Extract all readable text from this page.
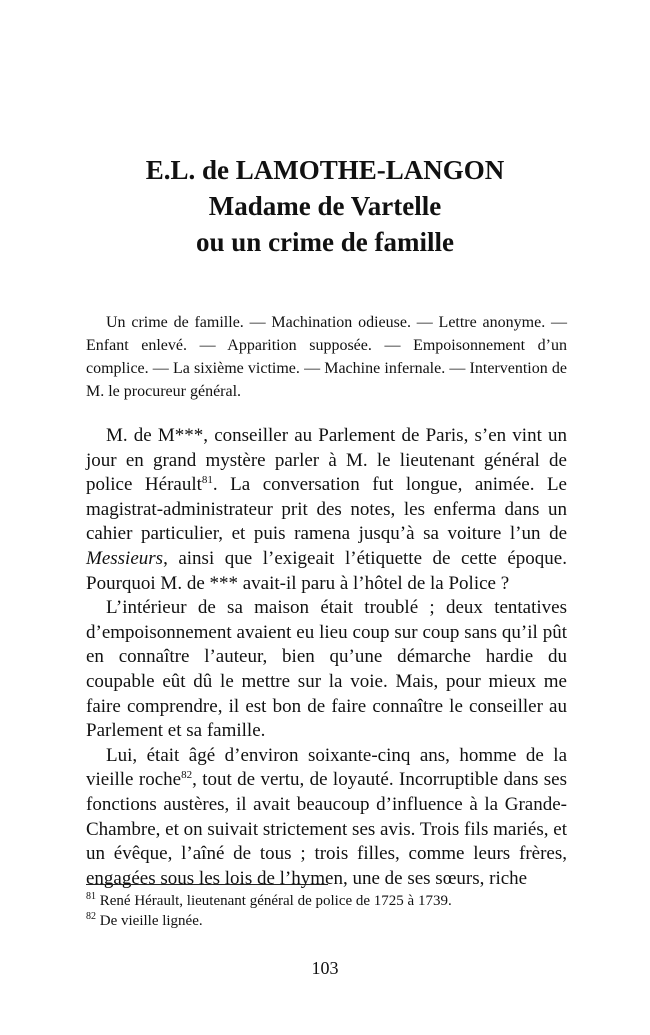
E.L. de LAMOTHE-LANGON
Madame de Vartelle
ou un crime de famille
Un crime de famille. — Machination odieuse. — Lettre anonyme. — Enfant enlevé. — Apparition supposée. — Empoisonnement d’un complice. — La sixième victime. — Machine infernale. — Intervention de M. le procureur général.

M. de M***, conseiller au Parlement de Paris, s’en vint un jour en grand mystère parler à M. le lieutenant général de police Hérault$^{81}$. La conversation fut longue, animée. Le magistrat-administrateur prit des notes, les enferma dans un cahier particulier, et puis ramena jusqu’à sa voiture l’un de Messieurs, ainsi que l’exigeait l’étiquette de cette époque. Pourquoi M. de *** avait-il paru à l’hôtel de la Police ?

L’intérieur de sa maison était troublé ; deux tentatives d’empoisonnement avaient eu lieu coup sur coup sans qu’il pût en connaître l’auteur, bien qu’une démarche hardie du coupable eût dû le mettre sur la voie. Mais, pour mieux me faire comprendre, il est bon de faire connaître le conseiller au Parlement et sa famille.

Lui, était âgé d’environ soixante-cinq ans, homme de la vieille roche$^{82}$, tout de vertu, de loyauté. Incorruptible dans ses fonctions austères, il avait beaucoup d’influence à la Grande-Chambre, et on suivait strictement ses avis. Trois fils mariés, et un évêque, l’aîné de tous ; trois filles, comme leurs frères, engagées sous les lois de l’hymen, une de ses sœurs, riche

$^{81}$ René Hérault, lieutenant général de police de 1725 à 1739.
$^{82}$ De vieille lignée.
103
